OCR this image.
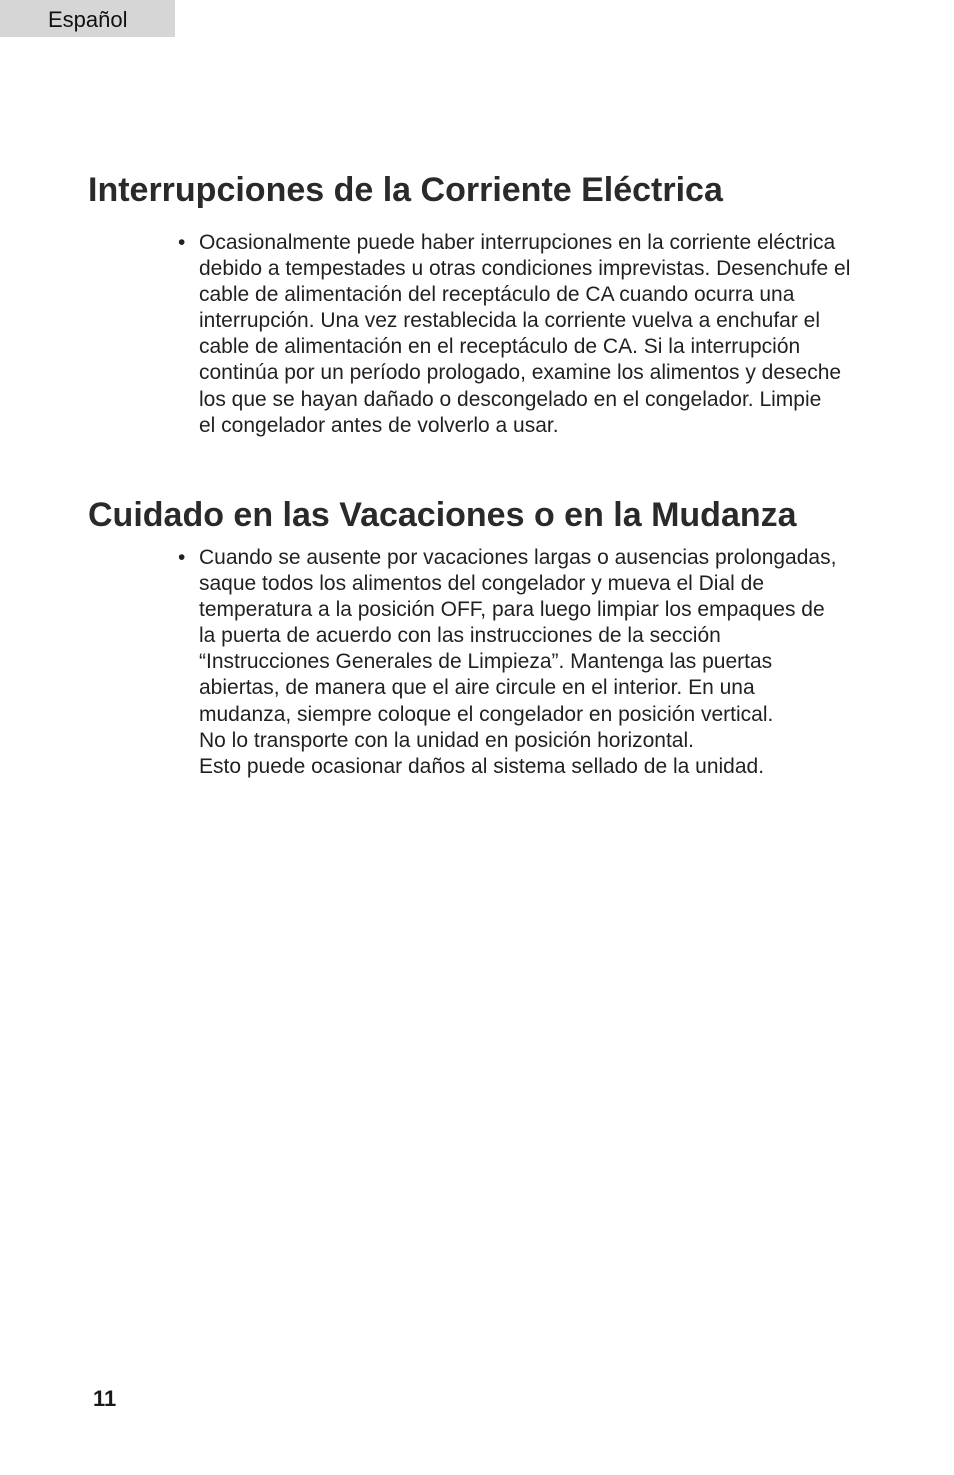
Español
Interrupciones de la Corriente Eléctrica
• Ocasionalmente puede haber interrupciones en la corriente eléctrica
debido a tempestades u otras condiciones imprevistas. Desenchufe el
cable de alimentación del receptáculo de CA cuando ocurra una
interrupción. Una vez restablecida la corriente vuelva a enchufar el
cable de alimentación en el receptáculo de CA. Si la interrupción
continúa por un período prologado, examine los alimentos y deseche
los que se hayan dañado o descongelado en el congelador. Limpie
el congelador antes de volverlo a usar.
Cuidado en las Vacaciones o en la Mudanza
• Cuando se ausente por vacaciones largas o ausencias prolongadas,
saque todos los alimentos del congelador y mueva el Dial de
temperatura a la posición OFF, para luego limpiar los empaques de
la puerta de acuerdo con las instrucciones de la sección
“Instrucciones Generales de Limpieza”. Mantenga las puertas
abiertas, de manera que el aire circule en el interior. En una
mudanza, siempre coloque el congelador en posición vertical.
No lo transporte con la unidad en posición horizontal.
Esto puede ocasionar daños al sistema sellado de la unidad.
11
